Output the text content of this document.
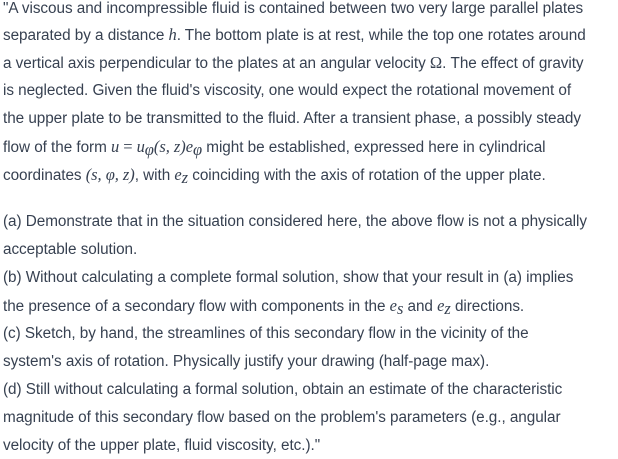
"A viscous and incompressible fluid is contained between two very large parallel plates
separated by a distance h. The bottom plate is at rest, while the top one rotates around
a vertical axis perpendicular to the plates at an angular velocity Ω. The effect of gravity
is neglected. Given the fluid's viscosity, one would expect the rotational movement of
the upper plate to be transmitted to the fluid. After a transient phase, a possibly steady
flow of the form $u = u_\varphi(s$, $z)e_\varphi$ might be established, expressed here in cylindrical
coordinates (s, φ, z), with $e_z$ coinciding with the axis of rotation of the upper plate.
(a) Demonstrate that in the situation considered here, the above flow is not a physically
acceptable solution.
(b) Without calculating a complete formal solution, show that your result in (a) implies
the presence of a secondary flow with components in the $e_s$ and $e_z$ directions.
(c) Sketch, by hand, the streamlines of this secondary flow in the vicinity of the
system's axis of rotation. Physically justify your drawing (half-page max).
(d) Still without calculating a formal solution, obtain an estimate of the characteristic
magnitude of this secondary flow based on the problem's parameters (e.g., angular
velocity of the upper plate, fluid viscosity, etc.)."
